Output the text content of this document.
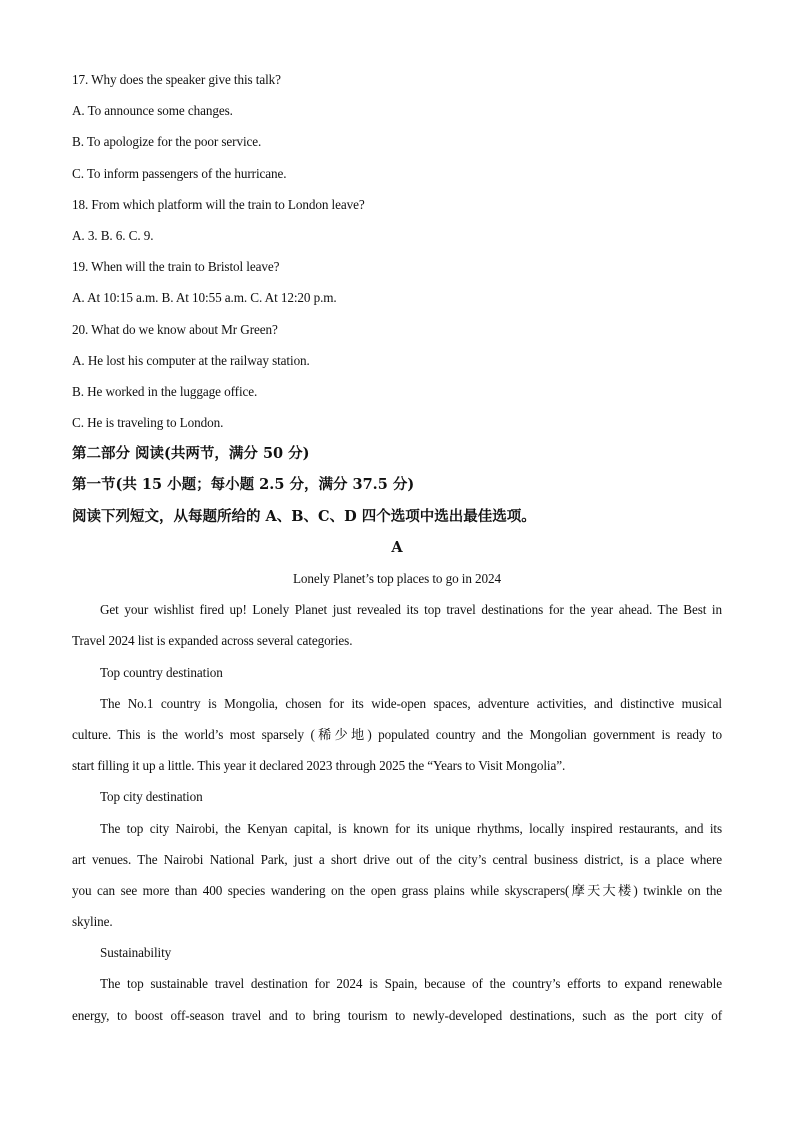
17. Why does the speaker give this talk?
A. To announce some changes.
B. To apologize for the poor service.
C. To inform passengers of the hurricane.
18. From which platform will the train to London leave?
A. 3. B. 6. C. 9.
19. When will the train to Bristol leave?
A. At 10:15 a.m. B. At 10:55 a.m. C. At 12:20 p.m.
20. What do we know about Mr Green?
A. He lost his computer at the railway station.
B. He worked in the luggage office.
C. He is traveling to London.
第二部分 阅读(共两节，满分 50 分)
第一节(共 15 小题；每小题 2.5 分，满分 37.5 分)
阅读下列短文，从每题所给的 A、B、C、D 四个选项中选出最佳选项。
A
Lonely Planet’s top places to go in 2024
Get your wishlist fired up! Lonely Planet just revealed its top travel destinations for the year ahead. The Best in
Travel 2024 list is expanded across several categories.
Top country destination
The No.1 country is Mongolia, chosen for its wide-open spaces, adventure activities, and distinctive musical
culture. This is the world’s most sparsely (稀少地) populated country and the Mongolian government is ready to
start filling it up a little. This year it declared 2023 through 2025 the “Years to Visit Mongolia”.
Top city destination
The top city Nairobi, the Kenyan capital, is known for its unique rhythms, locally inspired restaurants, and its
art venues. The Nairobi National Park, just a short drive out of the city’s central business district, is a place where
you can see more than 400 species wandering on the open grass plains while skyscrapers(摩天大楼) twinkle on the
skyline.
Sustainability
The top sustainable travel destination for 2024 is Spain, because of the country’s efforts to expand renewable
energy, to boost off-season travel and to bring tourism to newly-developed destinations, such as the port city of
